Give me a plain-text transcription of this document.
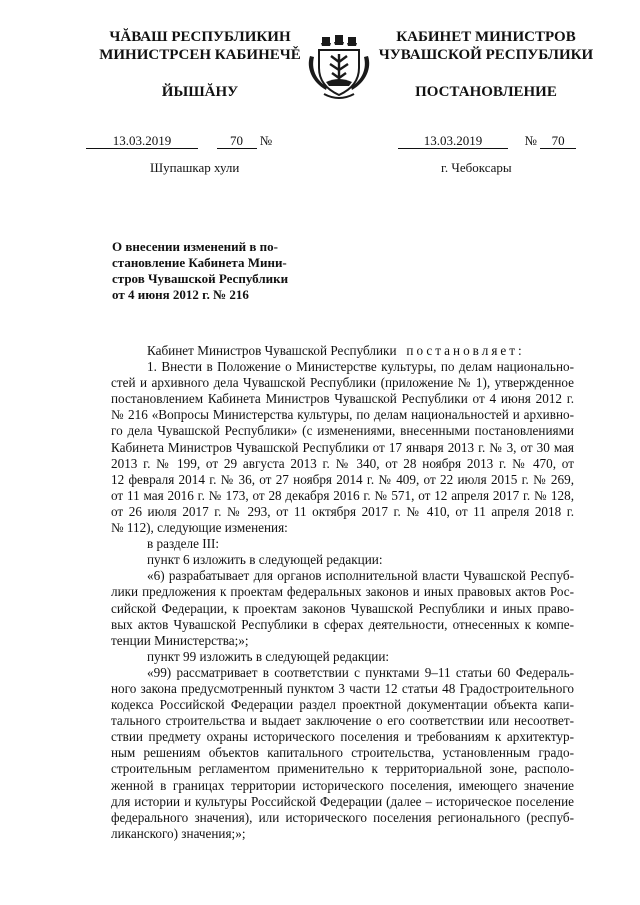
ЧĂВАШ РЕСПУБЛИКИН
МИНИСТРСЕН КАБИНЕЧĚ
ЙЫШĂНУ
КАБИНЕТ МИНИСТРОВ
ЧУВАШСКОЙ РЕСПУБЛИКИ
ПОСТАНОВЛЕНИЕ
13.03.2019	70 №	13.03.2019	№ 70
Шупашкар хули	г. Чебоксары
О внесении изменений в по-
становление Кабинета Мини-
стров Чувашской Республики
от 4 июня 2012 г. № 216
Кабинет Министров Чувашской Республики постановляет:
1. Внести в Положение о Министерстве культуры, по делам национально-
стей и архивного дела Чувашской Республики (приложение № 1), утвержденное
постановлением Кабинета Министров Чувашской Республики от 4 июня 2012 г.
№ 216 «Вопросы Министерства культуры, по делам национальностей и архивно-
го дела Чувашской Республики» (с изменениями, внесенными постановлениями
Кабинета Министров Чувашской Республики от 17 января 2013 г. № 3, от 30 мая
2013 г. № 199, от 29 августа 2013 г. № 340, от 28 ноября 2013 г. № 470, от
12 февраля 2014 г. № 36, от 27 ноября 2014 г. № 409, от 22 июля 2015 г. № 269,
от 11 мая 2016 г. № 173, от 28 декабря 2016 г. № 571, от 12 апреля 2017 г. № 128,
от 26 июля 2017 г. № 293, от 11 октября 2017 г. № 410, от 11 апреля 2018 г.
№ 112), следующие изменения:
в разделе III:
пункт 6 изложить в следующей редакции:
«6) разрабатывает для органов исполнительной власти Чувашской Респуб-
лики предложения к проектам федеральных законов и иных правовых актов Рос-
сийской Федерации, к проектам законов Чувашской Республики и иных право-
вых актов Чувашской Республики в сферах деятельности, отнесенных к компе-
тенции Министерства;»;
пункт 99 изложить в следующей редакции:
«99) рассматривает в соответствии с пунктами 9–11 статьи 60 Федераль-
ного закона предусмотренный пунктом 3 части 12 статьи 48 Градостроительного
кодекса Российской Федерации раздел проектной документации объекта капи-
тального строительства и выдает заключение о его соответствии или несоответ-
ствии предмету охраны исторического поселения и требованиям к архитектур-
ным решениям объектов капитального строительства, установленным градо-
строительным регламентом применительно к территориальной зоне, располо-
женной в границах территории исторического поселения, имеющего значение
для истории и культуры Российской Федерации (далее – историческое поселение
федерального значения), или исторического поселения регионального (респуб-
ликанского) значения;»;
